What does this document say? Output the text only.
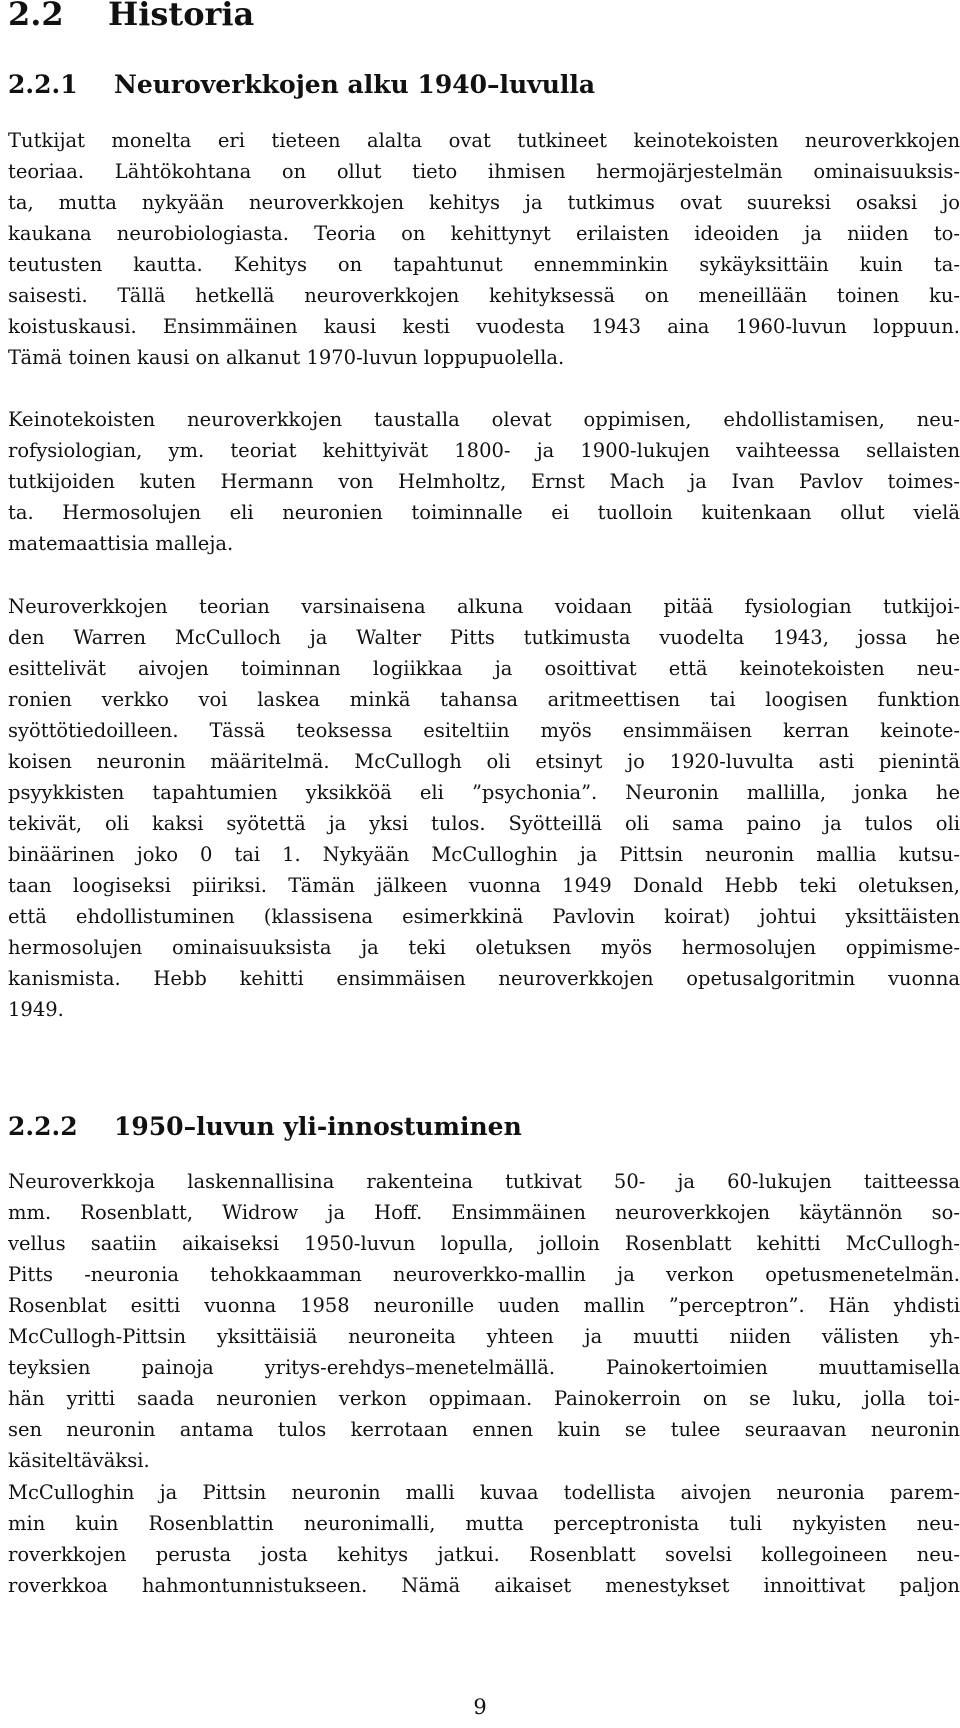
2.2 Historia
2.2.1 Neuroverkkojen alku 1940–luvulla
Tutkijat monelta eri tieteen alalta ovat tutkineet keinotekoisten neuroverkkojen
teoriaa. Lähtökohtana on ollut tieto ihmisen hermojärjestelmän ominaisuuksis-
ta, mutta nykyään neuroverkkojen kehitys ja tutkimus ovat suureksi osaksi jo
kaukana neurobiologiasta. Teoria on kehittynyt erilaisten ideoiden ja niiden to-
teutusten kautta. Kehitys on tapahtunut ennemminkin sykäyksittäin kuin ta-
saisesti. Tällä hetkellä neuroverkkojen kehityksessä on meneillään toinen ku-
koistuskausi. Ensimmäinen kausi kesti vuodesta 1943 aina 1960-luvun loppuun.
Tämä toinen kausi on alkanut 1970-luvun loppupuolella.
Keinotekoisten neuroverkkojen taustalla olevat oppimisen, ehdollistamisen, neu-
rofysiologian, ym. teoriat kehittyivät 1800- ja 1900-lukujen vaihteessa sellaisten
tutkijoiden kuten Hermann von Helmholtz, Ernst Mach ja Ivan Pavlov toimes-
ta. Hermosolujen eli neuronien toiminnalle ei tuolloin kuitenkaan ollut vielä
matemaattisia malleja.
Neuroverkkojen teorian varsinaisena alkuna voidaan pitää fysiologian tutkijoi-
den Warren McCulloch ja Walter Pitts tutkimusta vuodelta 1943, jossa he
esittelivät aivojen toiminnan logiikkaa ja osoittivat että keinotekoisten neu-
ronien verkko voi laskea minkä tahansa aritmeettisen tai loogisen funktion
syöttötiedoilleen. Tässä teoksessa esiteltiin myös ensimmäisen kerran keinote-
koisen neuronin määritelmä. McCullogh oli etsinyt jo 1920-luvulta asti pienintä
psyykkisten tapahtumien yksikköä eli ”psychonia”. Neuronin mallilla, jonka he
tekivät, oli kaksi syötettä ja yksi tulos. Syötteillä oli sama paino ja tulos oli
binäärinen joko 0 tai 1. Nykyään McCulloghin ja Pittsin neuronin mallia kutsu-
taan loogiseksi piiriksi. Tämän jälkeen vuonna 1949 Donald Hebb teki oletuksen,
että ehdollistuminen (klassisena esimerkkinä Pavlovin koirat) johtui yksittäisten
hermosolujen ominaisuuksista ja teki oletuksen myös hermosolujen oppimisme-
kanismista. Hebb kehitti ensimmäisen neuroverkkojen opetusalgoritmin vuonna
1949.
2.2.2 1950–luvun yli-innostuminen
Neuroverkkoja laskennallisina rakenteina tutkivat 50- ja 60-lukujen taitteessa
mm. Rosenblatt, Widrow ja Hoff. Ensimmäinen neuroverkkojen käytännön so-
vellus saatiin aikaiseksi 1950-luvun lopulla, jolloin Rosenblatt kehitti McCullogh-
Pitts -neuronia tehokkaamman neuroverkko-mallin ja verkon opetusmenetelmän.
Rosenblat esitti vuonna 1958 neuronille uuden mallin ”perceptron”. Hän yhdisti
McCullogh-Pittsin yksittäisiä neuroneita yhteen ja muutti niiden välisten yh-
teyksien painoja yritys-erehdys–menetelmällä. Painokertoimien muuttamisella
hän yritti saada neuronien verkon oppimaan. Painokerroin on se luku, jolla toi-
sen neuronin antama tulos kerrotaan ennen kuin se tulee seuraavan neuronin
käsiteltäväksi.
McCulloghin ja Pittsin neuronin malli kuvaa todellista aivojen neuronia parem-
min kuin Rosenblattin neuronimalli, mutta perceptronista tuli nykyisten neu-
roverkkojen perusta josta kehitys jatkui. Rosenblatt sovelsi kollegoineen neu-
roverkkoa hahmontunnistukseen. Nämä aikaiset menestykset innoittivat paljon
9
